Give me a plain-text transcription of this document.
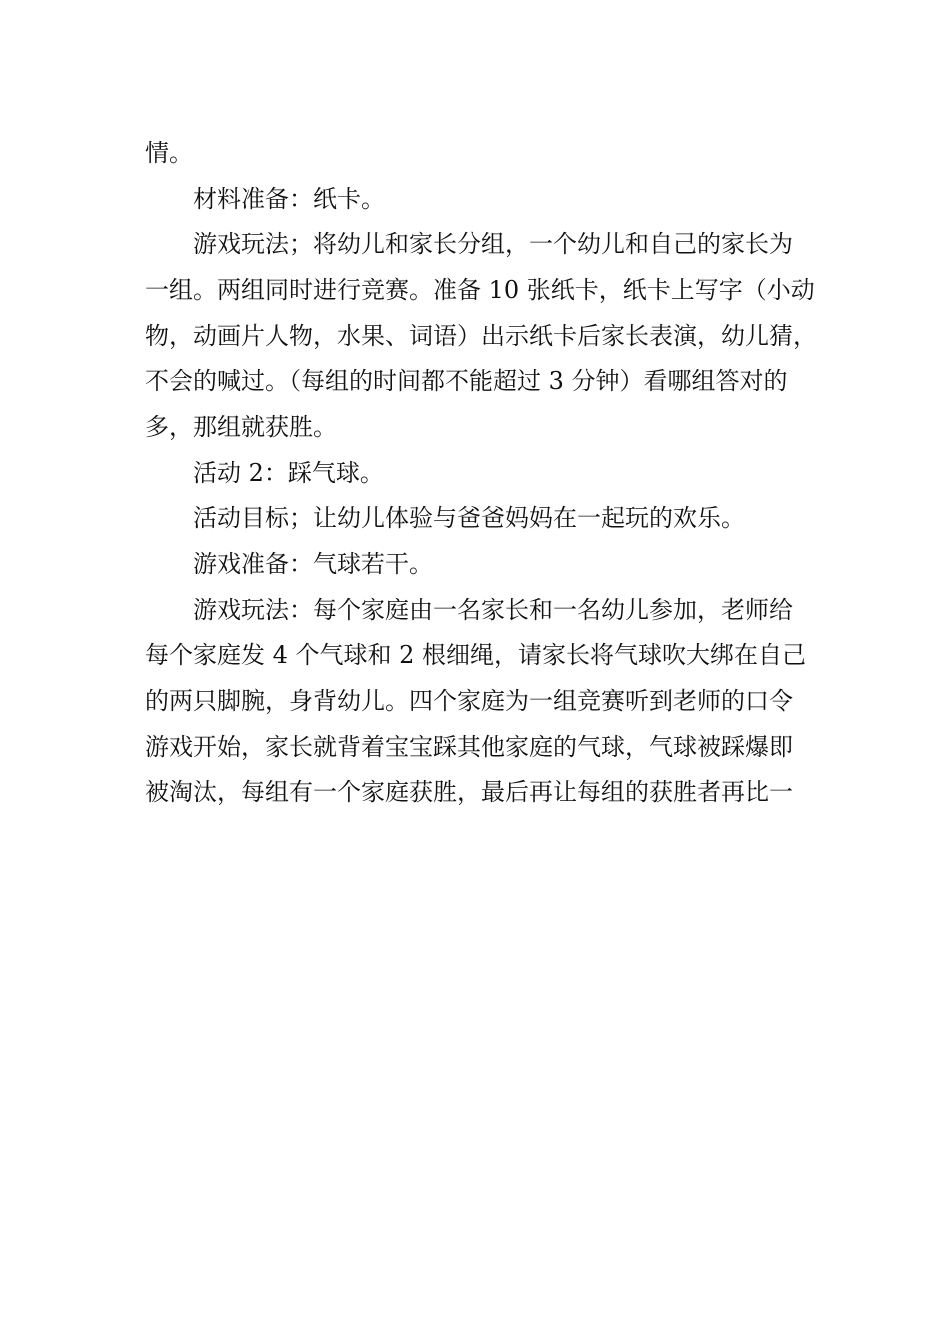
情。
材料准备：纸卡。
游戏玩法；将幼儿和家长分组，一个幼儿和自己的家长为
一组。两组同时进行竞赛。准备 10 张纸卡，纸卡上写字（小动
物，动画片人物，水果、词语）出示纸卡后家长表演，幼儿猜，
不会的喊过。（每组的时间都不能超过 3 分钟）看哪组答对的
多，那组就获胜。
活动 2：踩气球。
活动目标；让幼儿体验与爸爸妈妈在一起玩的欢乐。
游戏准备：气球若干。
游戏玩法：每个家庭由一名家长和一名幼儿参加，老师给
每个家庭发 4 个气球和 2 根细绳，请家长将气球吹大绑在自己
的两只脚腕，身背幼儿。四个家庭为一组竞赛听到老师的口令
游戏开始，家长就背着宝宝踩其他家庭的气球，气球被踩爆即
被淘汰，每组有一个家庭获胜，最后再让每组的获胜者再比一
